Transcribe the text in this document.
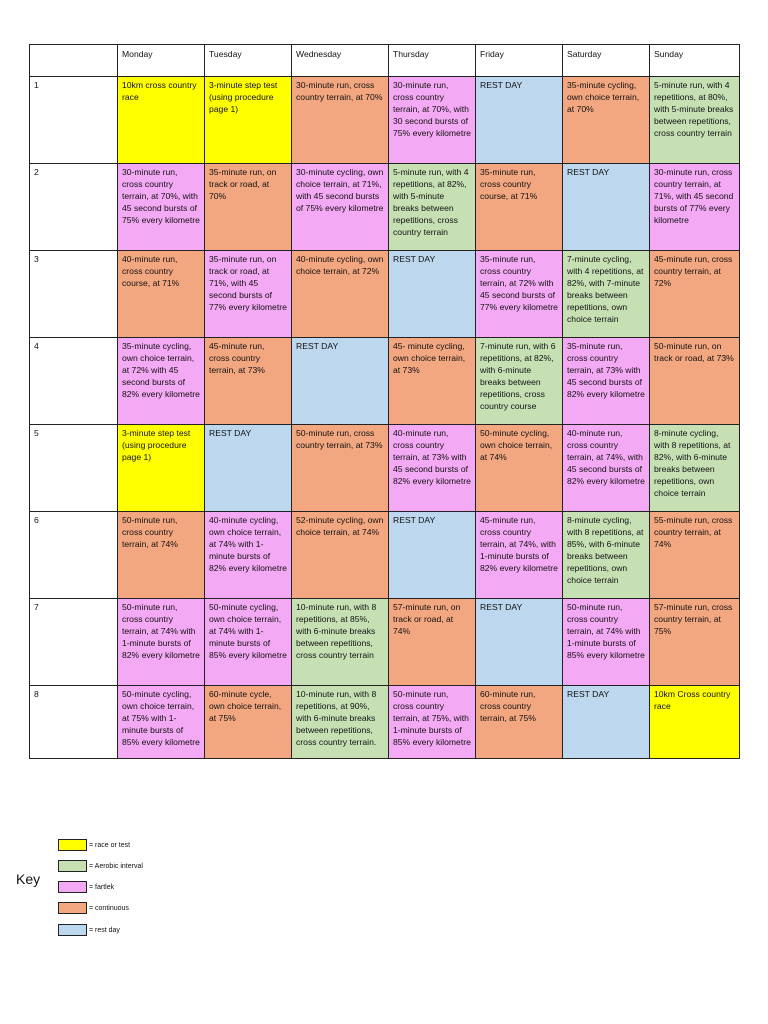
	Monday	Tuesday	Wednesday	Thursday	Friday	Saturday	Sunday
1	10km cross country race	3-minute step test (using procedure page 1)	30-minute run, cross country terrain, at 70%	30-minute run, cross country terrain, at 70%, with 30 second bursts of 75% every kilometre	REST DAY	35-minute cycling, own choice terrain, at 70%	5-minute run, with 4 repetitions, at 80%, with 5-minute breaks between repetitions, cross country terrain
2	30-minute run, cross country terrain, at 70%, with 45 second bursts of 75% every kilometre	35-minute run, on track or road, at 70%	30-minute cycling, own choice terrain, at 71%, with 45 second bursts of 75% every kilometre	5-minute run, with 4 repetitions, at 82%, with 5-minute breaks between repetitions, cross country terrain	35-minute run, cross country course, at 71%	REST DAY	30-minute run, cross country terrain, at 71%, with 45 second bursts of 77% every kilometre
3	40-minute run, cross country course, at 71%	35-minute run, on track or road, at 71%, with 45 second bursts of 77% every kilometre	40-minute cycling, own choice terrain, at 72%	REST DAY	35-minute run, cross country terrain, at 72% with 45 second bursts of 77% every kilometre	7-minute cycling, with 4 repetitions, at 82%, with 7-minute breaks between repetitions, own choice terrain	45-minute run, cross country terrain, at 72%
4	35-minute cycling, own choice terrain, at 72% with 45 second bursts of 82% every kilometre	45-minute run, cross country terrain, at 73%	REST DAY	45- minute cycling, own choice terrain, at 73%	7-minute run, with 6 repetitions, at 82%, with 6-minute breaks between repetitions, cross country course	35-minute run, cross country terrain, at 73% with 45 second bursts of 82% every kilometre	50-minute run, on track or road, at 73%
5	3-minute step test (using procedure page 1)	REST DAY	50-minute run, cross country terrain, at 73%	40-minute run, cross country terrain, at 73% with 45 second bursts of 82% every kilometre	50-minute cycling, own choice terrain, at 74%	40-minute run, cross country terrain, at 74%, with 45 second bursts of 82% every kilometre	8-minute cycling, with 8 repetitions, at 82%, with 6-minute breaks between repetitions, own choice terrain
6	50-minute run, cross country terrain, at 74%	40-minute cycling, own choice terrain, at 74% with 1-minute bursts of 82% every kilometre	52-minute cycling, own choice terrain, at 74%	REST DAY	45-minute run, cross country terrain, at 74%, with 1-minute bursts of 82% every kilometre	8-minute cycling, with 8 repetitions, at 85%, with 6-minute breaks between repetitions, own choice terrain	55-minute run, cross country terrain, at 74%
7	50-minute run, cross country terrain, at 74% with 1-minute bursts of 82% every kilometre	50-minute cycling, own choice terrain, at 74% with 1-minute bursts of 85% every kilometre	10-minute run, with 8 repetitions, at 85%, with 6-minute breaks between repetitions, cross country terrain	57-minute run, on track or road, at 74%	REST DAY	50-minute run, cross country terrain, at 74% with 1-minute bursts of 85% every kilometre	57-minute run, cross country terrain, at 75%
8	50-minute cycling, own choice terrain, at 75% with 1-minute bursts of 85% every kilometre	60-minute cycle, own choice terrain, at 75%	10-minute run, with 8 repetitions, at 90%, with 6-minute breaks between repetitions, cross country terrain.	50-minute run, cross country terrain, at 75%, with 1-minute bursts of 85% every kilometre	60-minute run, cross country terrain, at 75%	REST DAY	10km Cross country race
Key
= race or test
= Aerobic interval
= fartlek
= continuous
= rest day
